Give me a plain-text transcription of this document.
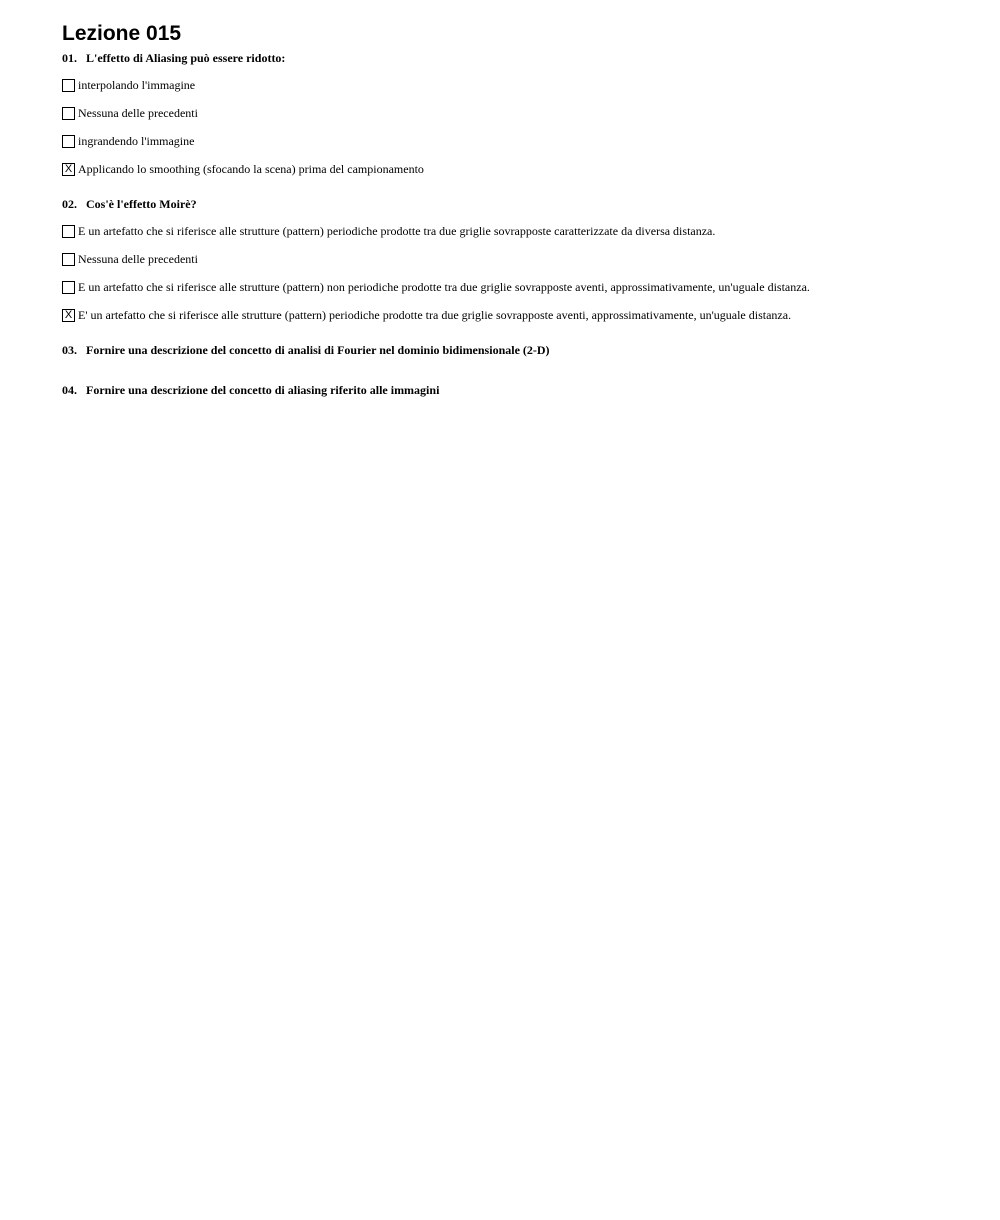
Lezione 015
01. L'effetto di Aliasing può essere ridotto:
interpolando l'immagine
Nessuna delle precedenti
ingrandendo l'immagine
X
Applicando lo smoothing (sfocando la scena) prima del campionamento
02. Cos'è l'effetto Moirè?
E un artefatto che si riferisce alle strutture (pattern) periodiche prodotte tra due griglie sovrapposte caratterizzate da diversa distanza.
Nessuna delle precedenti
E un artefatto che si riferisce alle strutture (pattern) non periodiche prodotte tra due griglie sovrapposte aventi, approssimativamente, un'uguale distanza.
X
E' un artefatto che si riferisce alle strutture (pattern) periodiche prodotte tra due griglie sovrapposte aventi, approssimativamente, un'uguale distanza.
03. Fornire una descrizione del concetto di analisi di Fourier nel dominio bidimensionale (2-D)
04. Fornire una descrizione del concetto di aliasing riferito alle immagini
